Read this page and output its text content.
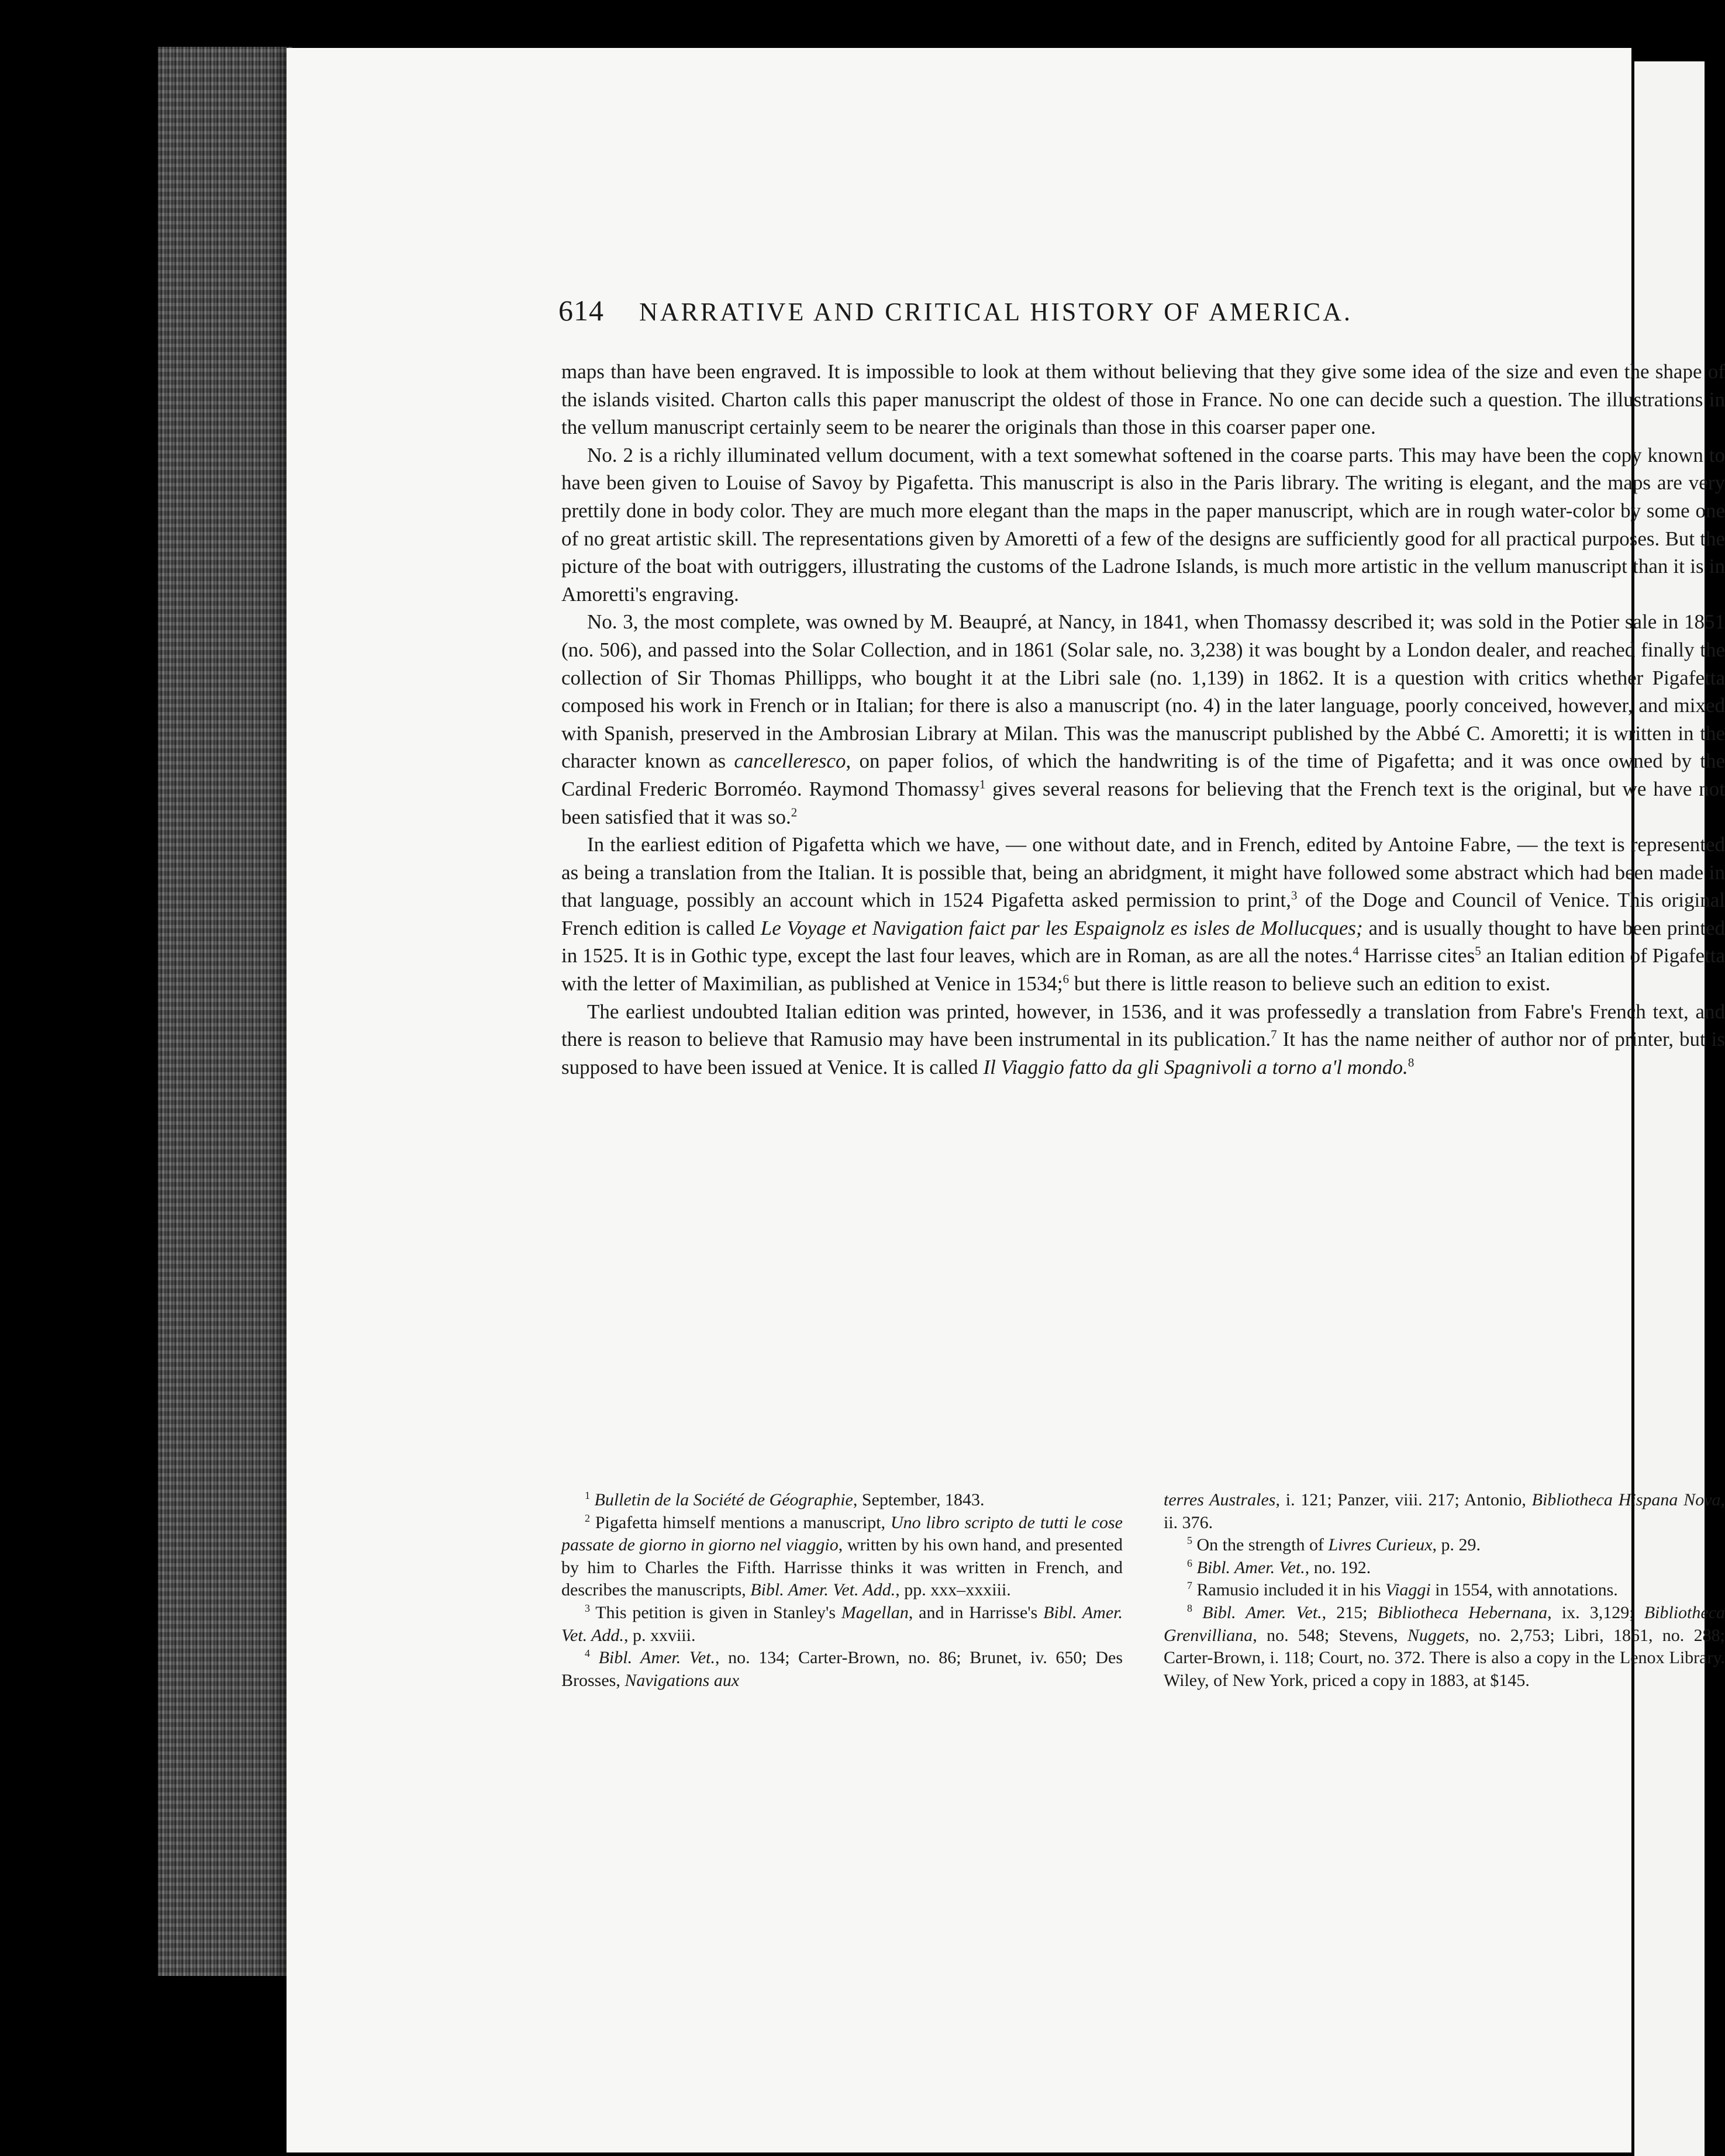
614 NARRATIVE AND CRITICAL HISTORY OF AMERICA.

maps than have been engraved. It is impossible to look at them without believing that they give some idea of the size and even the shape of the islands visited. Charton calls this paper manuscript the oldest of those in France. No one can decide such a question. The illustrations in the vellum manuscript certainly seem to be nearer the originals than those in this coarser paper one.

No. 2 is a richly illuminated vellum document, with a text somewhat softened in the coarse parts. This may have been the copy known to have been given to Louise of Savoy by Pigafetta. This manuscript is also in the Paris library. The writing is elegant, and the maps are very prettily done in body color. They are much more elegant than the maps in the paper manuscript, which are in rough water-color by some one of no great artistic skill. The representations given by Amoretti of a few of the designs are sufficiently good for all practical purposes. But the picture of the boat with outriggers, illustrating the customs of the Ladrone Islands, is much more artistic in the vellum manuscript than it is in Amoretti's engraving.

No. 3, the most complete, was owned by M. Beaupré, at Nancy, in 1841, when Thomassy described it; was sold in the Potier sale in 1851 (no. 506), and passed into the Solar Collection, and in 1861 (Solar sale, no. 3,238) it was bought by a London dealer, and reached finally the collection of Sir Thomas Phillipps, who bought it at the Libri sale (no. 1,139) in 1862. It is a question with critics whether Pigafetta composed his work in French or in Italian; for there is also a manuscript (no. 4) in the later language, poorly conceived, however, and mixed with Spanish, preserved in the Ambrosian Library at Milan. This was the manuscript published by the Abbé C. Amoretti; it is written in the character known as cancelleresco, on paper folios, of which the handwriting is of the time of Pigafetta; and it was once owned by the Cardinal Frederic Borroméo. Raymond Thomassy$^1$ gives several reasons for believing that the French text is the original, but we have not been satisfied that it was so.$^2$

In the earliest edition of Pigafetta which we have, — one without date, and in French, edited by Antoine Fabre, — the text is represented as being a translation from the Italian. It is possible that, being an abridgment, it might have followed some abstract which had been made in that language, possibly an account which in 1524 Pigafetta asked permission to print,$^3$ of the Doge and Council of Venice. This original French edition is called Le Voyage et Navigation faict par les Espaignolz es isles de Mollucques; and is usually thought to have been printed in 1525. It is in Gothic type, except the last four leaves, which are in Roman, as are all the notes.$^4$ Harrisse cites$^5$ an Italian edition of Pigafetta with the letter of Maximilian, as published at Venice in 1534;$^6$ but there is little reason to believe such an edition to exist.

The earliest undoubted Italian edition was printed, however, in 1536, and it was professedly a translation from Fabre's French text, and there is reason to believe that Ramusio may have been instrumental in its publication.$^7$ It has the name neither of author nor of printer, but is supposed to have been issued at Venice. It is called Il Viaggio fatto da gli Spagnivoli a torno a'l mondo.$^8$

$^1$ Bulletin de la Société de Géographie, September, 1843.

$^2$ Pigafetta himself mentions a manuscript, Uno libro scripto de tutti le cose passate de giorno in giorno nel viaggio, written by his own hand, and presented by him to Charles the Fifth. Harrisse thinks it was written in French, and describes the manuscripts, Bibl. Amer. Vet. Add., pp. xxx–xxxiii.

$^3$ This petition is given in Stanley's Magellan, and in Harrisse's Bibl. Amer. Vet. Add., p. xxviii.

$^4$ Bibl. Amer. Vet., no. 134; Carter-Brown, no. 86; Brunet, iv. 650; Des Brosses, Navigations aux

terres Australes, i. 121; Panzer, viii. 217; Antonio, Bibliotheca Hispana Nova, ii. 376.

$^5$ On the strength of Livres Curieux, p. 29.

$^6$ Bibl. Amer. Vet., no. 192.

$^7$ Ramusio included it in his Viaggi in 1554, with annotations.

$^8$ Bibl. Amer. Vet., 215; Bibliotheca Hebernana, ix. 3,129; Bibliotheca Grenvilliana, no. 548; Stevens, Nuggets, no. 2,753; Libri, 1861, no. 288; Carter-Brown, i. 118; Court, no. 372. There is also a copy in the Lenox Library. Wiley, of New York, priced a copy in 1883, at $145.
